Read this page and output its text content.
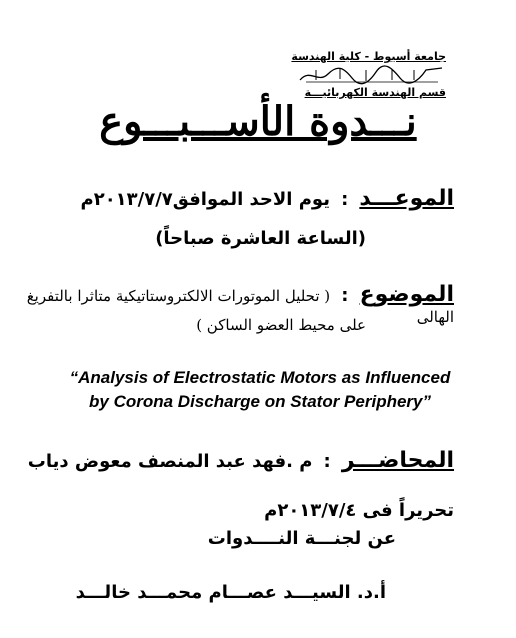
جامعة أسيوط - كلية الهندسة
قسم الهندسة الكهربائيـــة
نـــدوة الأســـبـــوع
الموعـــد : يوم الاحد الموافق٢٠١٣/٧/٧م
(الساعة العاشرة صباحاً)
الموضوع : ( تحليل الموتورات الالكتروستاتيكية متاثرا بالتفريغ الهالى
على محيط العضو الساكن )
“Analysis of Electrostatic Motors as Influenced
by Corona Discharge on Stator Periphery”
المحاضـــر : م .فهد عبد المنصف معوض دياب
تحريراً فى ٢٠١٣/٧/٤م
عن لجنـــة النــــدوات
أ.د. السيـــد عصـــام محمـــد خالـــد
